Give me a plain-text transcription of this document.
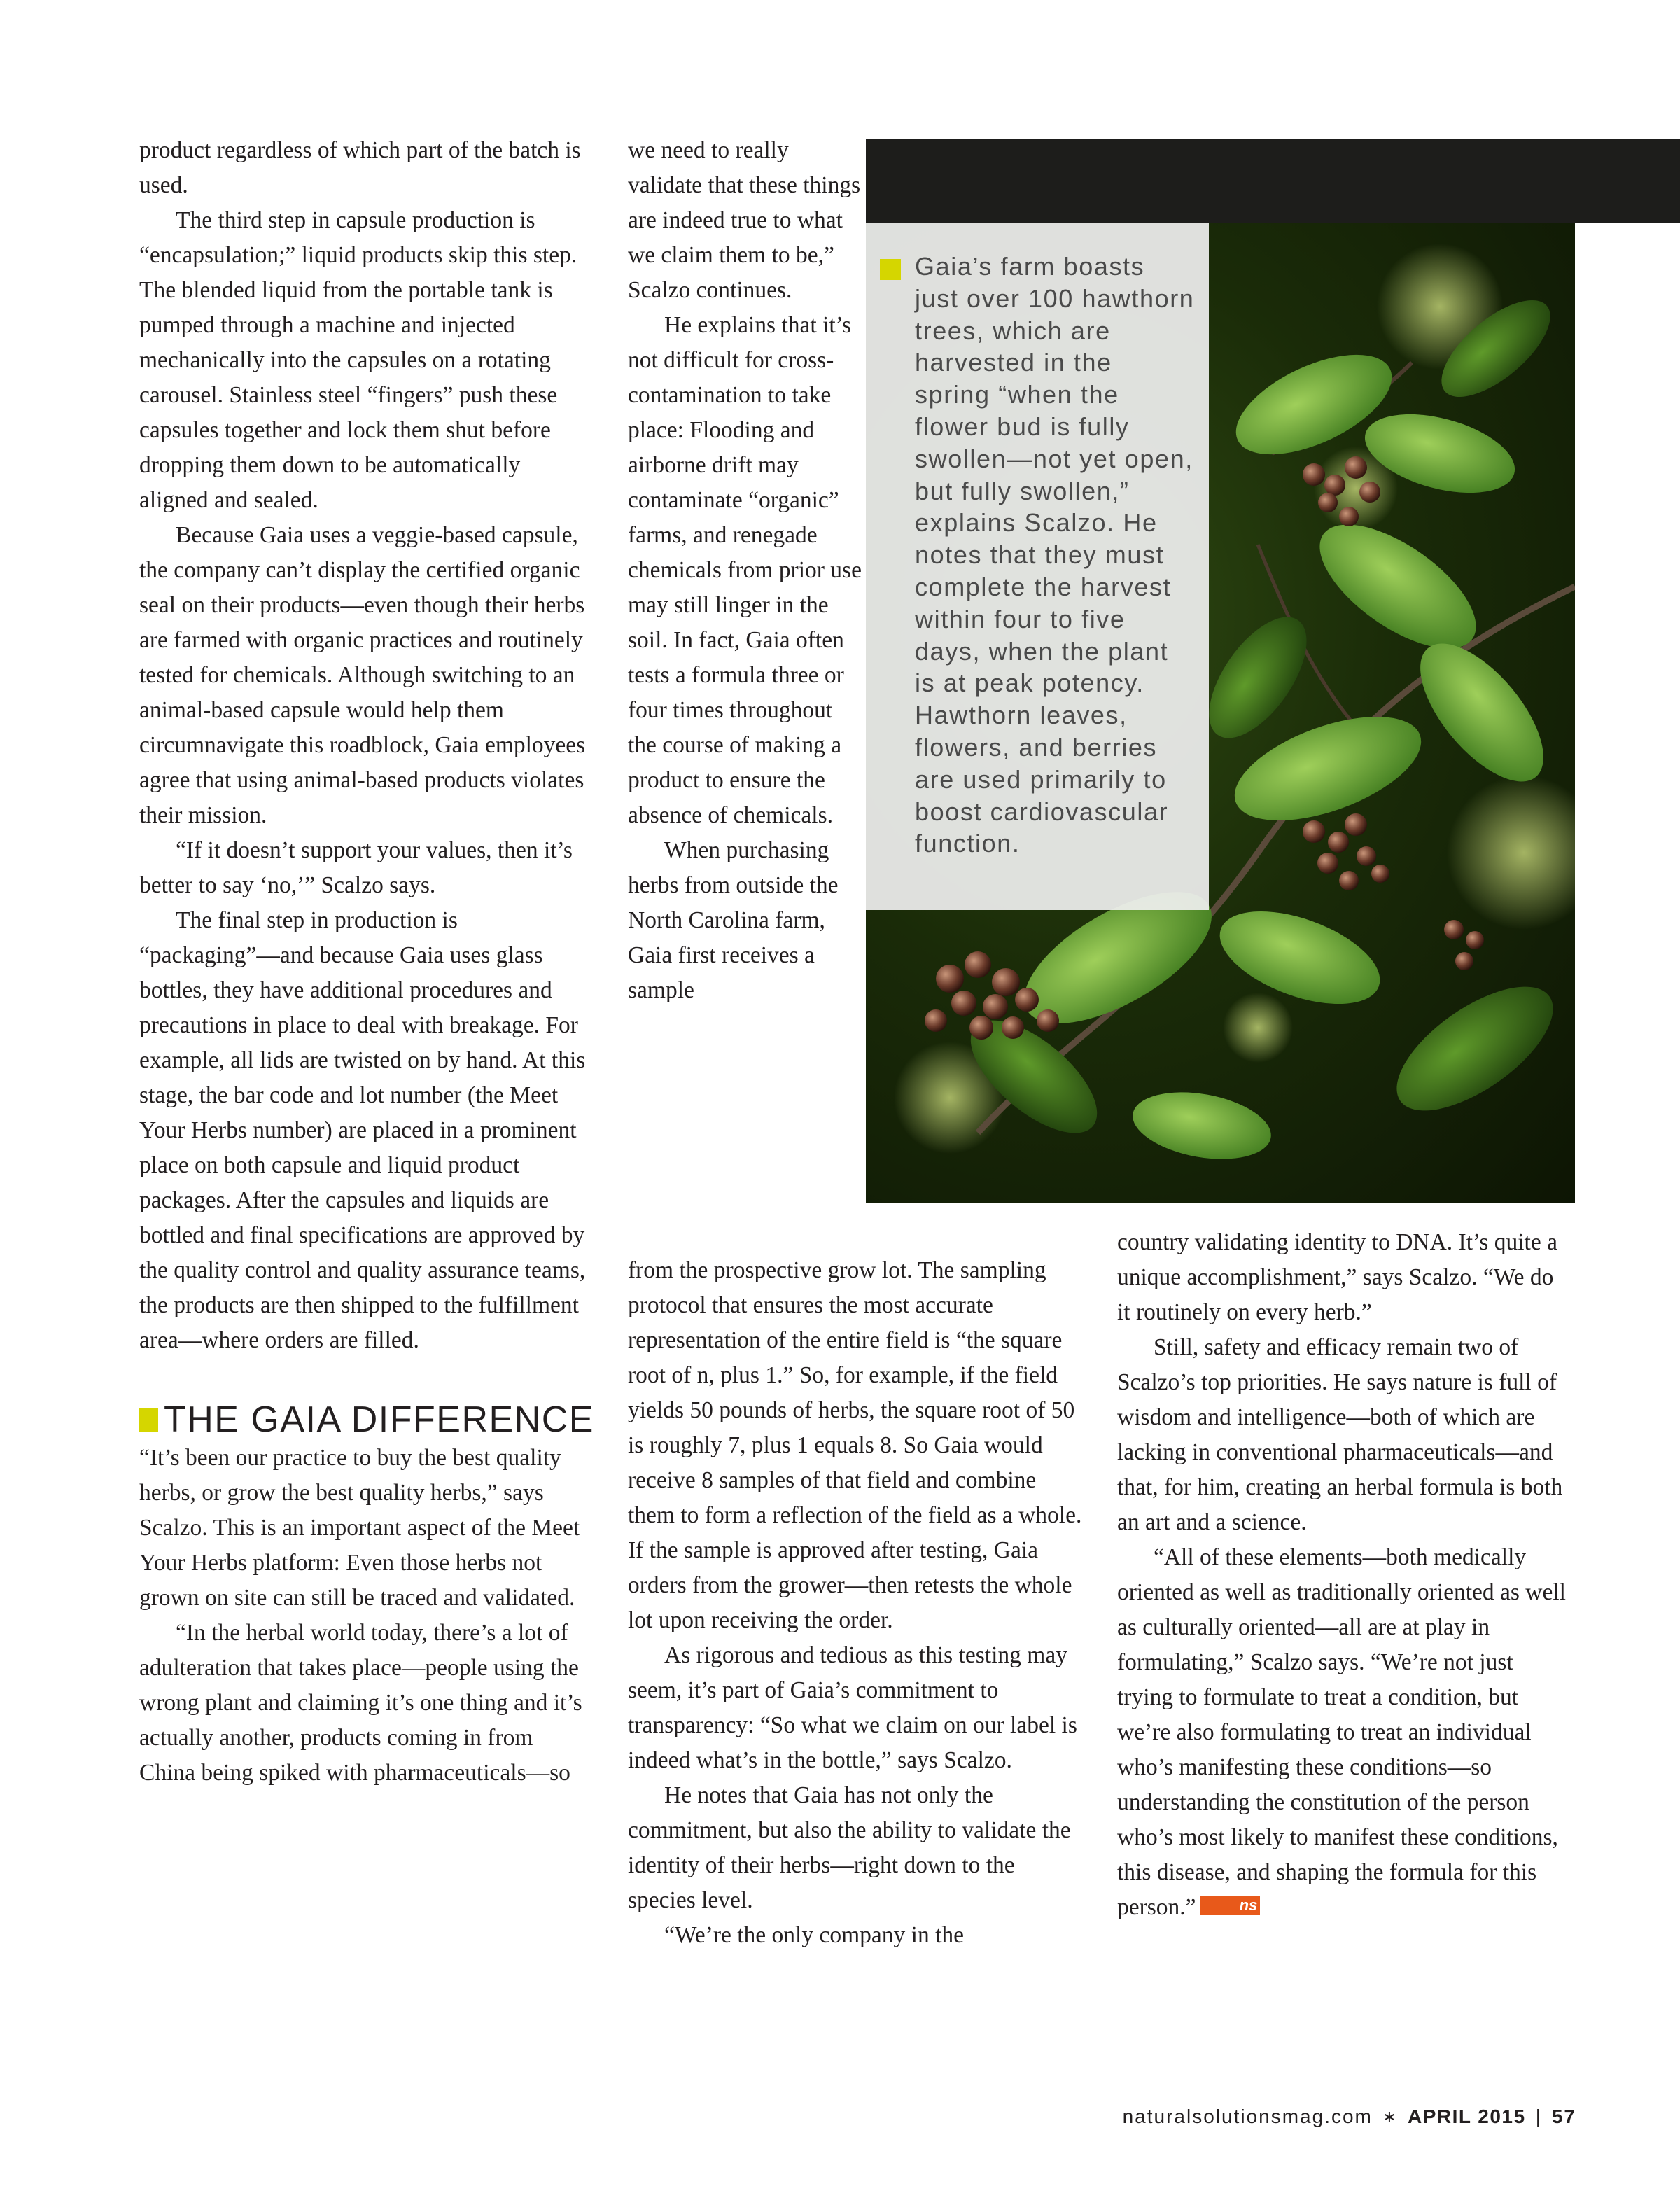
product regardless of which part of the batch is used.

The third step in capsule production is “encapsulation;” liquid products skip this step. The blended liquid from the portable tank is pumped through a machine and injected mechanically into the capsules on a rotating carousel. Stainless steel “fingers” push these capsules together and lock them shut before dropping them down to be automatically aligned and sealed.

Because Gaia uses a veggie-based capsule, the company can’t display the certified organic seal on their products—even though their herbs are farmed with organic practices and routinely tested for chemicals. Although switching to an animal-based capsule would help them circumnavigate this roadblock, Gaia employees agree that using animal-based products violates their mission.

“If it doesn’t support your values, then it’s better to say ‘no,’” Scalzo says.

The final step in production is “packaging”—and because Gaia uses glass bottles, they have additional procedures and precautions in place to deal with breakage. For example, all lids are twisted on by hand. At this stage, the bar code and lot number (the Meet Your Herbs number) are placed in a prominent place on both capsule and liquid product packages. After the capsules and liquids are bottled and final specifications are approved by the quality control and quality assurance teams, the products are then shipped to the fulfillment area—where orders are filled.

THE GAIA DIFFERENCE

“It’s been our practice to buy the best quality herbs, or grow the best quality herbs,” says Scalzo. This is an important aspect of the Meet Your Herbs platform: Even those herbs not grown on site can still be traced and validated.

“In the herbal world today, there’s a lot of adulteration that takes place—people using the wrong plant and claiming it’s one thing and it’s actually another, products coming in from China being spiked with pharmaceuticals—so

we need to really validate that these things are indeed true to what we claim them to be,” Scalzo continues.

He explains that it’s not difficult for cross-contamination to take place: Flooding and airborne drift may contaminate “organic” farms, and renegade chemicals from prior use may still linger in the soil. In fact, Gaia often tests a formula three or four times throughout the course of making a product to ensure the absence of chemicals.

When purchasing herbs from outside the North Carolina farm, Gaia first receives a sample

from the prospective grow lot. The sampling protocol that ensures the most accurate representation of the entire field is “the square root of n, plus 1.” So, for example, if the field yields 50 pounds of herbs, the square root of 50 is roughly 7, plus 1 equals 8. So Gaia would receive 8 samples of that field and combine them to form a reflection of the field as a whole. If the sample is approved after testing, Gaia orders from the grower—then retests the whole lot upon receiving the order.

As rigorous and tedious as this testing may seem, it’s part of Gaia’s commitment to transparency: “So what we claim on our label is indeed what’s in the bottle,” says Scalzo.

He notes that Gaia has not only the commitment, but also the ability to validate the identity of their herbs—right down to the species level.

“We’re the only company in the

country validating identity to DNA. It’s quite a unique accomplishment,” says Scalzo. “We do it routinely on every herb.”

Still, safety and efficacy remain two of Scalzo’s top priorities. He says nature is full of wisdom and intelligence—both of which are lacking in conventional pharmaceuticals—and that, for him, creating an herbal formula is both an art and a science.

“All of these elements—both medically oriented as well as traditionally oriented as well as culturally oriented—all are at play in formulating,” Scalzo says. “We’re not just trying to formulate to treat a condition, but we’re also formulating to treat an individual who’s manifesting these conditions—so understanding the constitution of the person who’s most likely to manifest these conditions, this disease, and shaping the formula for this person.”	ns

Gaia’s farm boasts just over 100 hawthorn trees, which are harvested in the spring “when the flower bud is fully swollen—not yet open, but fully swollen,” explains Scalzo. He notes that they must complete the harvest within four to five days, when the plant is at peak potency. Hawthorn leaves, flowers, and berries are used primarily to boost cardiovascular function.
naturalsolutionsmag.com ∗ APRIL 2015 | 57
